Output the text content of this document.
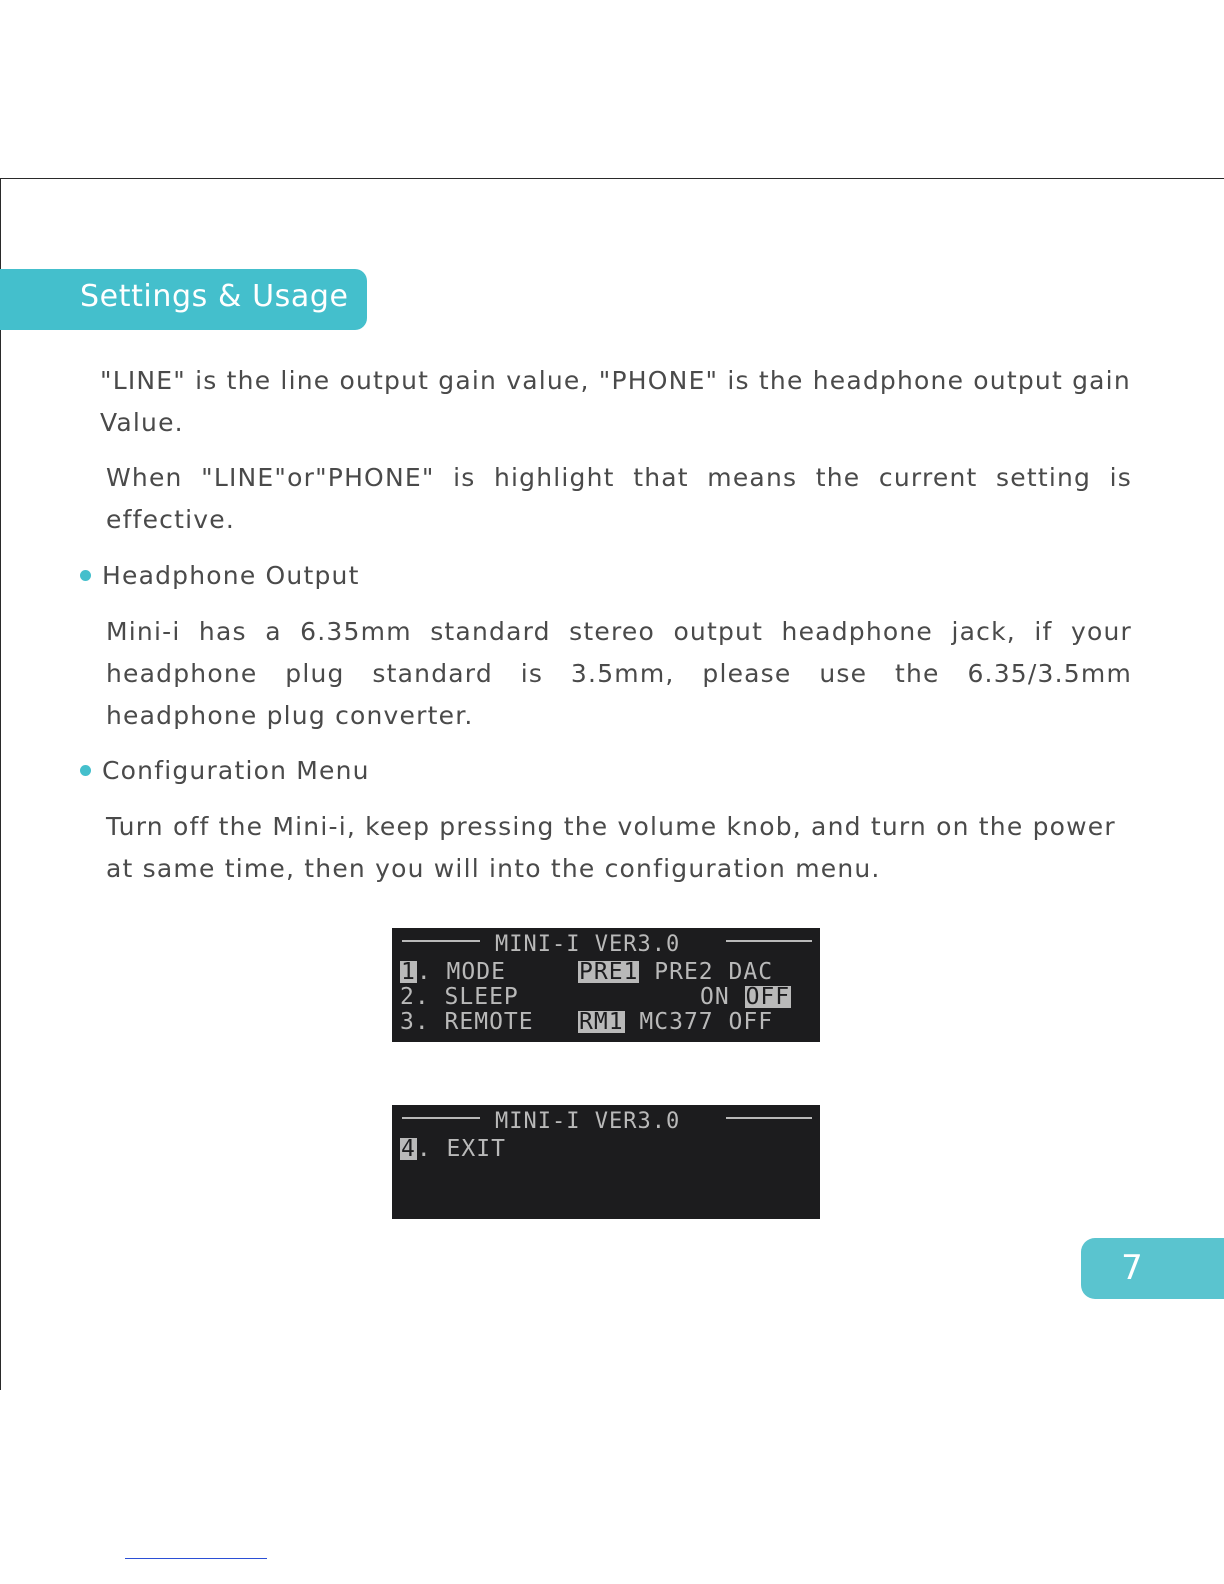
Settings & Usage

"LINE" is the line output gain value, "PHONE" is the headphone output gain Value.

When "LINE"or"PHONE" is highlight that means the current setting is effective.

Headphone Output

Mini-i has a 6.35mm standard stereo output headphone jack, if your headphone plug standard is 3.5mm, please use the 6.35/3.5mm headphone plug converter.

Configuration Menu

Turn off the Mini-i, keep pressing the volume knob, and turn on the power at same time, then you will into the configuration menu.

MINI-I VER3.0
1. MODE	PRE1 PRE2 DAC
2. SLEEP	ON OFF
3. REMOTE RM1 MC377 OFF
MINI-I VER3.0
4. EXIT
7
